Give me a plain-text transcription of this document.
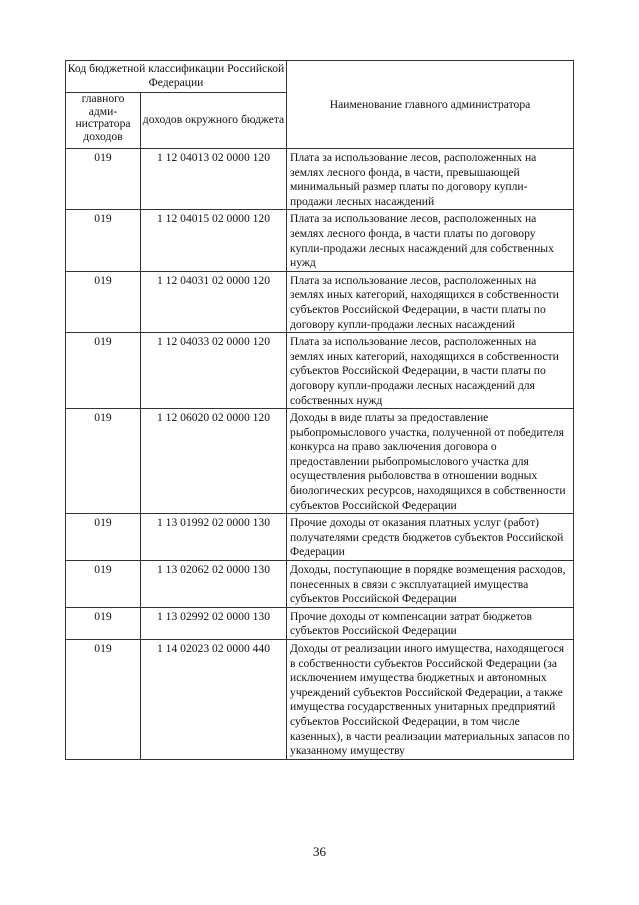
Код бюджетной классификации Российской Федерации		Наименование главного администратора
главного адми-нистратора доходов	доходов окружного бюджета	
019	1 12 04013 02 0000 120	Плата за использование лесов, расположенных на землях лесного фонда, в части, превышающей минимальный размер платы по договору купли-продажи лесных насаждений
019	1 12 04015 02 0000 120	Плата за использование лесов, расположенных на землях лесного фонда, в части платы по договору купли-продажи лесных насаждений для собственных нужд
019	1 12 04031 02 0000 120	Плата за использование лесов, расположенных на землях иных категорий, находящихся в собственности субъектов Российской Федерации, в части платы по договору купли-продажи лесных насаждений
019	1 12 04033 02 0000 120	Плата за использование лесов, расположенных на землях иных категорий, находящихся в собственности субъектов Российской Федерации, в части платы по договору купли-продажи лесных насаждений для собственных нужд
019	1 12 06020 02 0000 120	Доходы в виде платы за предоставление рыбопромыслового участка, полученной от победителя конкурса на право заключения договора о предоставлении рыбопромыслового участка для осуществления рыболовства в отношении водных биологических ресурсов, находящихся в собственности субъектов Российской Федерации
019	1 13 01992 02 0000 130	Прочие доходы от оказания платных услуг (работ) получателями средств бюджетов субъектов Российской Федерации
019	1 13 02062 02 0000 130	Доходы, поступающие в порядке возмещения расходов, понесенных в связи с эксплуатацией имущества субъектов Российской Федерации
019	1 13 02992 02 0000 130	Прочие доходы от компенсации затрат бюджетов субъектов Российской Федерации
019	1 14 02023 02 0000 440	Доходы от реализации иного имущества, находящегося в собственности субъектов Российской Федерации (за исключением имущества бюджетных и автономных учреждений субъектов Российской Федерации, а также имущества государственных унитарных предприятий субъектов Российской Федерации, в том числе казенных), в части реализации материальных запасов по указанному имуществу
36
